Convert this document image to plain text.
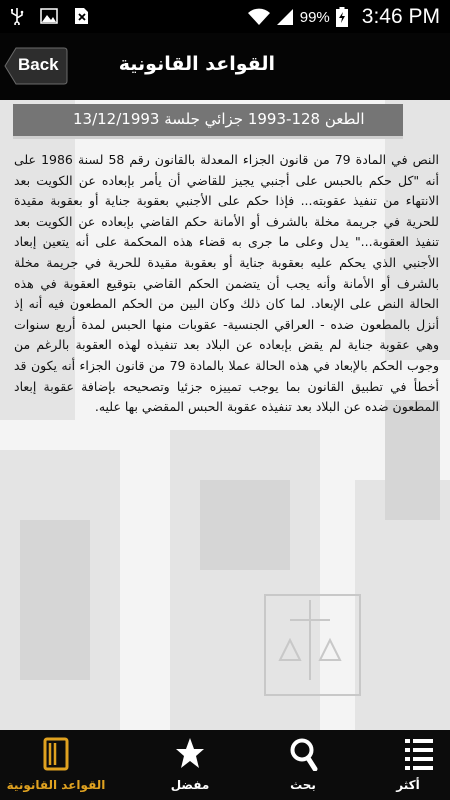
99% 3:46 PM
Back	القواعد القانونية
الطعن 128-1993 جزائي جلسة 13/12/1993

النص في المادة 79 من قانون الجزاء المعدلة بالقانون رقم 58 لسنة 1986 على أنه "كل حكم بالحبس على أجنبي يجيز للقاضي أن يأمر بإبعاده عن الكويت بعد الانتهاء من تنفيذ عقوبته... فإذا حكم على الأجنبي بعقوبة جناية أو بعقوبة مقيدة للحرية في جريمة مخلة بالشرف أو الأمانة حكم القاضي بإبعاده عن الكويت بعد تنفيذ العقوبة..." يدل وعلى ما جرى به قضاء هذه المحكمة على أنه يتعين إبعاد الأجنبي الذي يحكم عليه بعقوبة جناية أو بعقوبة مقيدة للحرية في جريمة مخلة بالشرف أو الأمانة وأنه يجب أن يتضمن الحكم القاضي بتوقيع العقوبة في هذه الحالة النص على الإبعاد. لما كان ذلك وكان البين من الحكم المطعون فيه أنه إذ أنزل بالمطعون ضده - العراقي الجنسية- عقوبات منها الحبس لمدة أربع سنوات وهي عقوبة جناية لم يقض بإبعاده عن البلاد بعد تنفيذه لهذه العقوبة بالرغم من وجوب الحكم بالإبعاد في هذه الحالة عملا بالمادة 79 من قانون الجزاء أنه يكون قد أخطأ في تطبيق القانون بما يوجب تمييزه جزئيا وتصحيحه بإضافة عقوبة إبعاد المطعون ضده عن البلاد بعد تنفيذه عقوبة الحبس المقضي بها عليه.

القواعد القانونية	مفضل	بحث	أكثر
